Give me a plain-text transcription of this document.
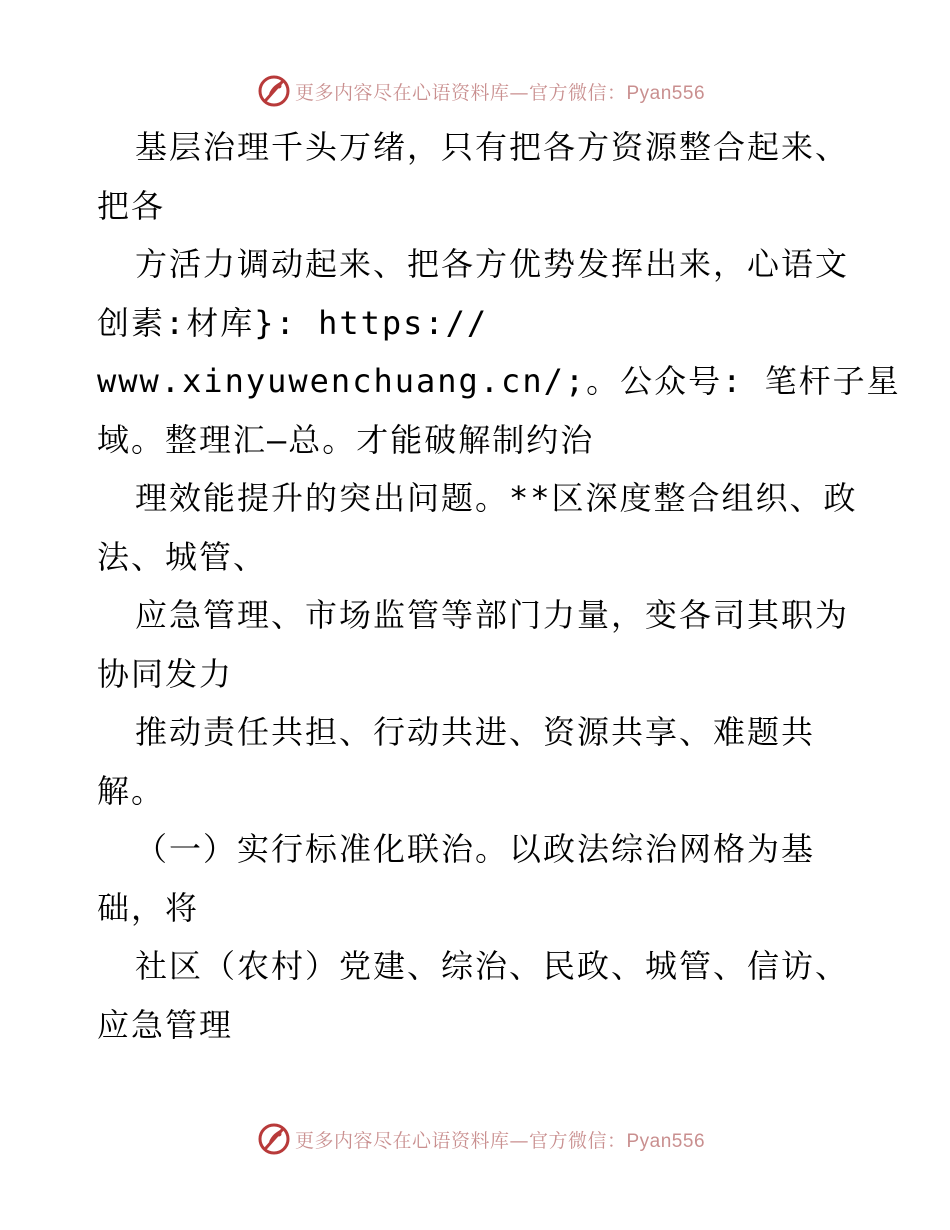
更多内容尽在心语资料库—官方微信：Pyan556
基层治理千头万绪，只有把各方资源整合起来、
把各
方活力调动起来、把各方优势发挥出来，心语文
创素:材库}: https://
www.xinyuwenchuang.cn/;。公众号: 笔杆子星
域。整理汇—总。才能破解制约治
理效能提升的突出问题。**区深度整合组织、政
法、城管、
应急管理、市场监管等部门力量，变各司其职为
协同发力
推动责任共担、行动共进、资源共享、难题共
解。
（一）实行标准化联治。以政法综治网格为基
础，将
社区（农村）党建、综治、民政、城管、信访、
应急管理
更多内容尽在心语资料库—官方微信：Pyan556
